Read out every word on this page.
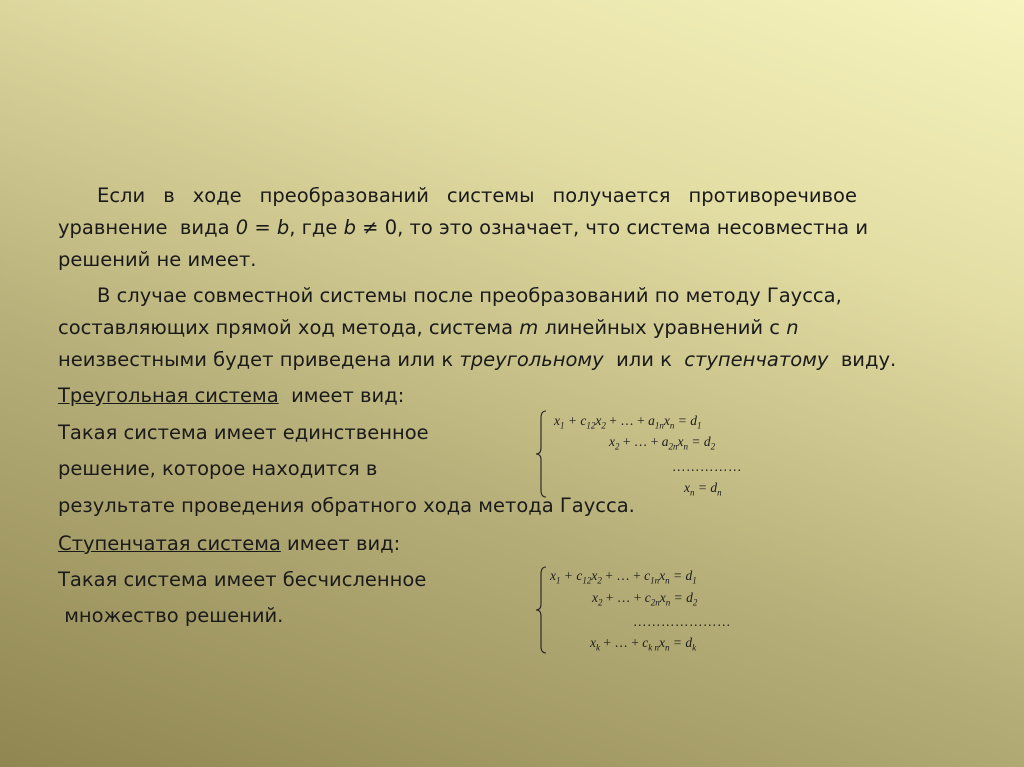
Если в ходе преобразований системы получается противоречивое
уравнение  вида 0 = b, где b ≠ 0, то это означает, что система несовместна и
решений не имеет.
В случае совместной системы после преобразований по методу Гаусса,
составляющих прямой ход метода, система m линейных уравнений с n
неизвестными будет приведена или к треугольному  или к  ступенчатому  виду.
Треугольная система  имеет вид:
Такая система имеет единственное
решение, которое находится в
результате проведения обратного хода метода Гаусса.
$x_1 + c_{12}x_2$ + … + $a_{1n}x_n = d_1$
$x_2$ + … + $a_{2n}x_n = d_2$
……………
$x_n = d_n$
Ступенчатая система имеет вид:
Такая система имеет бесчисленное
множество решений.
$x_1 + c_{12}x_2$ + … + $c_{1n}x_n = d_1$
$x_2$ + … + $c_{2n}x_n = d_2$
…………………
$x_k$ + … + $c_{k n}x_n = d_k$
